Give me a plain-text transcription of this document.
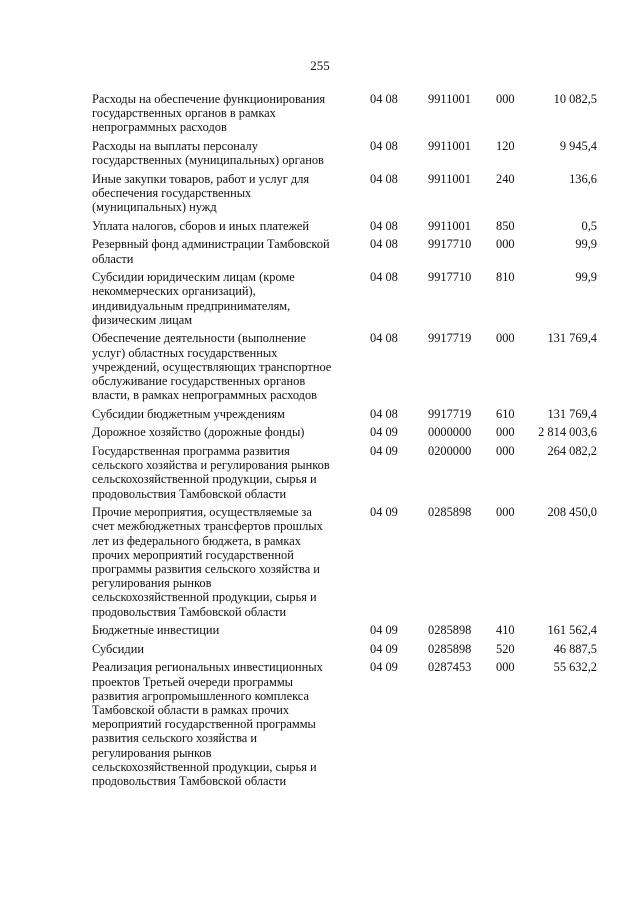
255
Расходы на обеспечение функционирования
государственных органов в рамках
непрограммных расходов
04 08	9911001	000	10 082,5
Расходы на выплаты персоналу
государственных (муниципальных) органов
04 08	9911001	120	9 945,4
Иные закупки товаров, работ и услуг для
обеспечения государственных
(муниципальных) нужд
04 08	9911001	240	136,6
Уплата налогов, сборов и иных платежей	04 08	9911001	850	0,5
Резервный фонд администрации Тамбовской
области
04 08	9917710	000	99,9
Субсидии юридическим лицам (кроме
некоммерческих организаций),
индивидуальным предпринимателям,
физическим лицам
04 08	9917710	810	99,9
Обеспечение деятельности (выполнение
услуг) областных государственных
учреждений, осуществляющих транспортное
обслуживание государственных органов
власти, в рамках непрограммных расходов
04 08	9917719	000	131 769,4
Субсидии бюджетным учреждениям	04 08	9917719	610	131 769,4
Дорожное хозяйство (дорожные фонды)	04 09	0000000	000	2 814 003,6
Государственная программа развития
сельского хозяйства и регулирования рынков
сельскохозяйственной продукции, сырья и
продовольствия Тамбовской области
04 09	0200000	000	264 082,2
Прочие мероприятия, осуществляемые за
счет межбюджетных трансфертов прошлых
лет из федерального бюджета, в рамках
прочих мероприятий государственной
программы развития сельского хозяйства и
регулирования рынков
сельскохозяйственной продукции, сырья и
продовольствия Тамбовской области
04 09	0285898	000	208 450,0
Бюджетные инвестиции	04 09	0285898	410	161 562,4
Субсидии	04 09	0285898	520	46 887,5
Реализация региональных инвестиционных
проектов Третьей очереди программы
развития агропромышленного комплекса
Тамбовской области в рамках прочих
мероприятий государственной программы
развития сельского хозяйства и
регулирования рынков
сельскохозяйственной продукции, сырья и
продовольствия Тамбовской области
04 09	0287453	000	55 632,2
